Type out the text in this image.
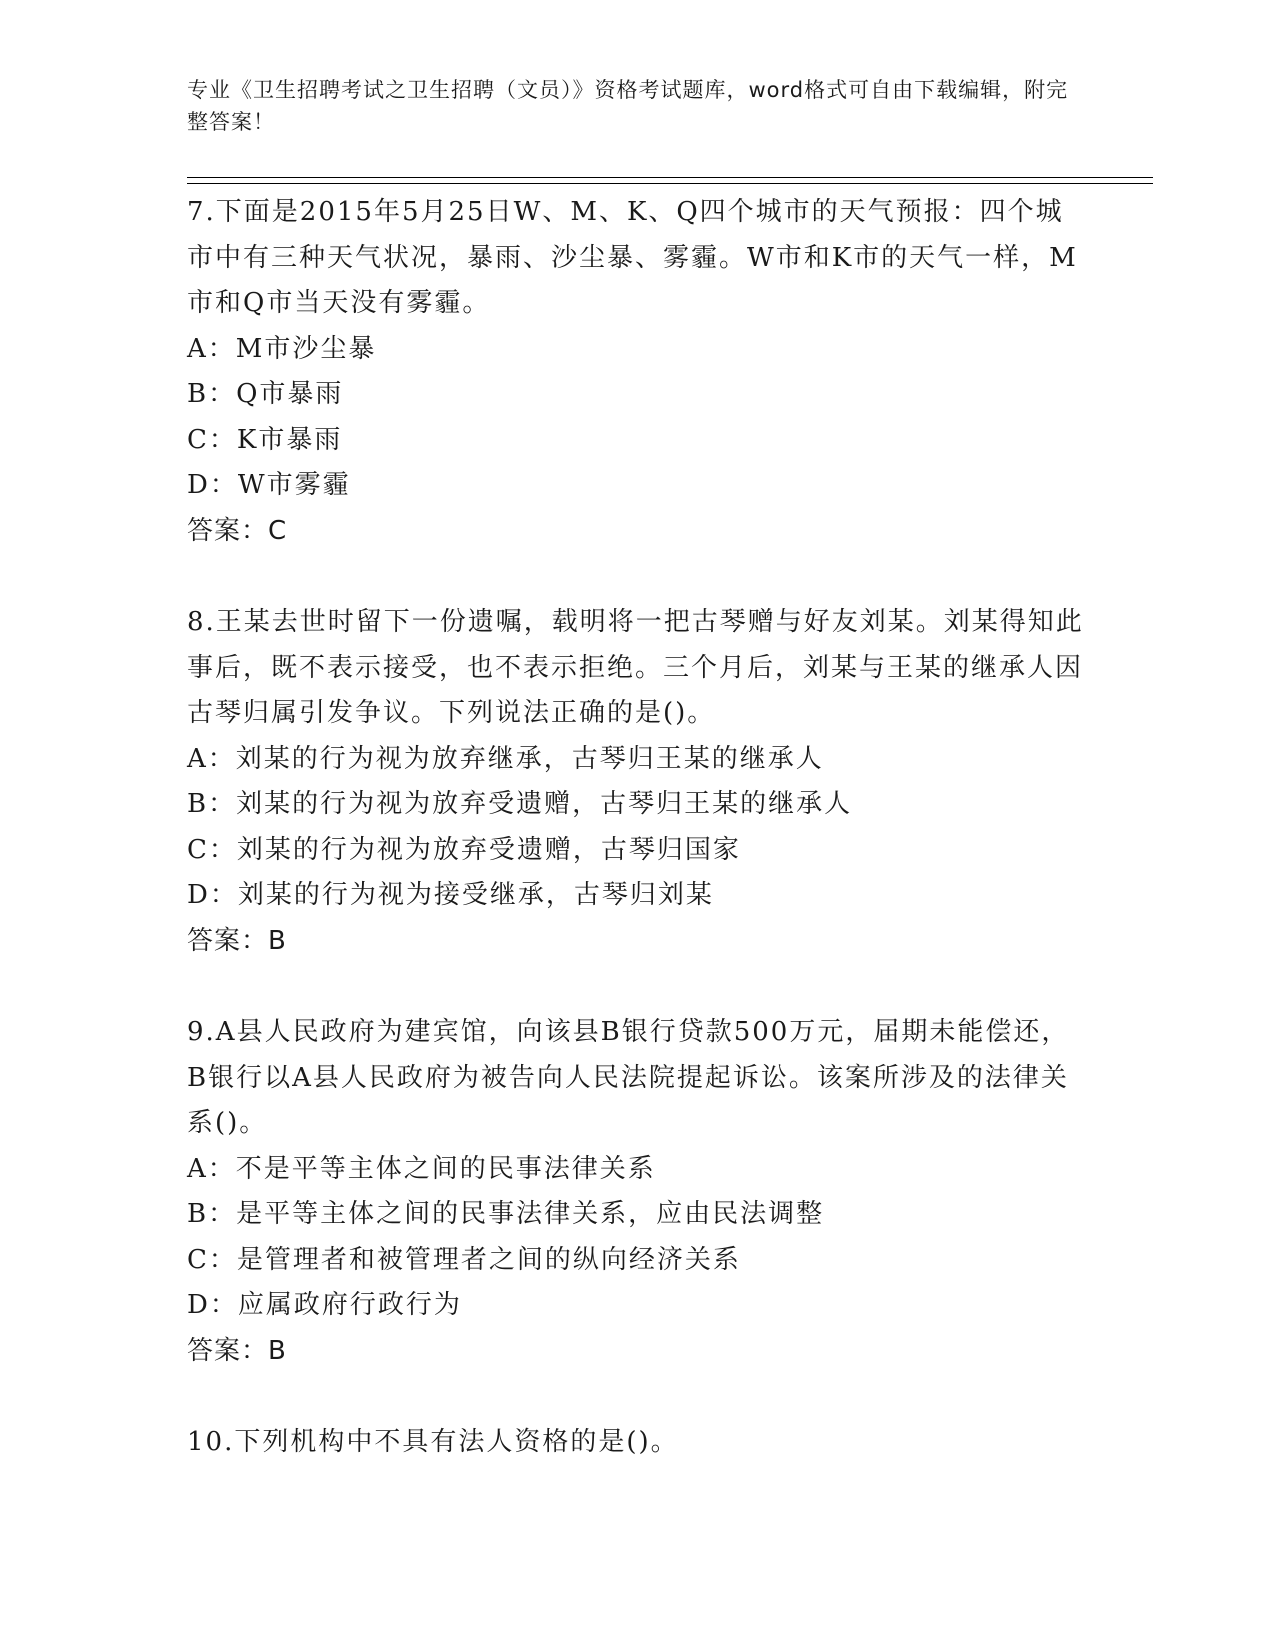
专业《卫生招聘考试之卫生招聘（文员）》资格考试题库，word格式可自由下载编辑，附完整答案！
7.下面是2015年5月25日W、M、K、Q四个城市的天气预报：四个城市中有三种天气状况，暴雨、沙尘暴、雾霾。W市和K市的天气一样，M市和Q市当天没有雾霾。
A：M市沙尘暴
B：Q市暴雨
C：K市暴雨
D：W市雾霾
答案：C
8.王某去世时留下一份遗嘱，载明将一把古琴赠与好友刘某。刘某得知此事后，既不表示接受，也不表示拒绝。三个月后，刘某与王某的继承人因古琴归属引发争议。下列说法正确的是()。
A：刘某的行为视为放弃继承，古琴归王某的继承人
B：刘某的行为视为放弃受遗赠，古琴归王某的继承人
C：刘某的行为视为放弃受遗赠，古琴归国家
D：刘某的行为视为接受继承，古琴归刘某
答案：B
9.A县人民政府为建宾馆，向该县B银行贷款500万元，届期未能偿还，B银行以A县人民政府为被告向人民法院提起诉讼。该案所涉及的法律关系()。
A：不是平等主体之间的民事法律关系
B：是平等主体之间的民事法律关系，应由民法调整
C：是管理者和被管理者之间的纵向经济关系
D：应属政府行政行为
答案：B
10.下列机构中不具有法人资格的是()。
